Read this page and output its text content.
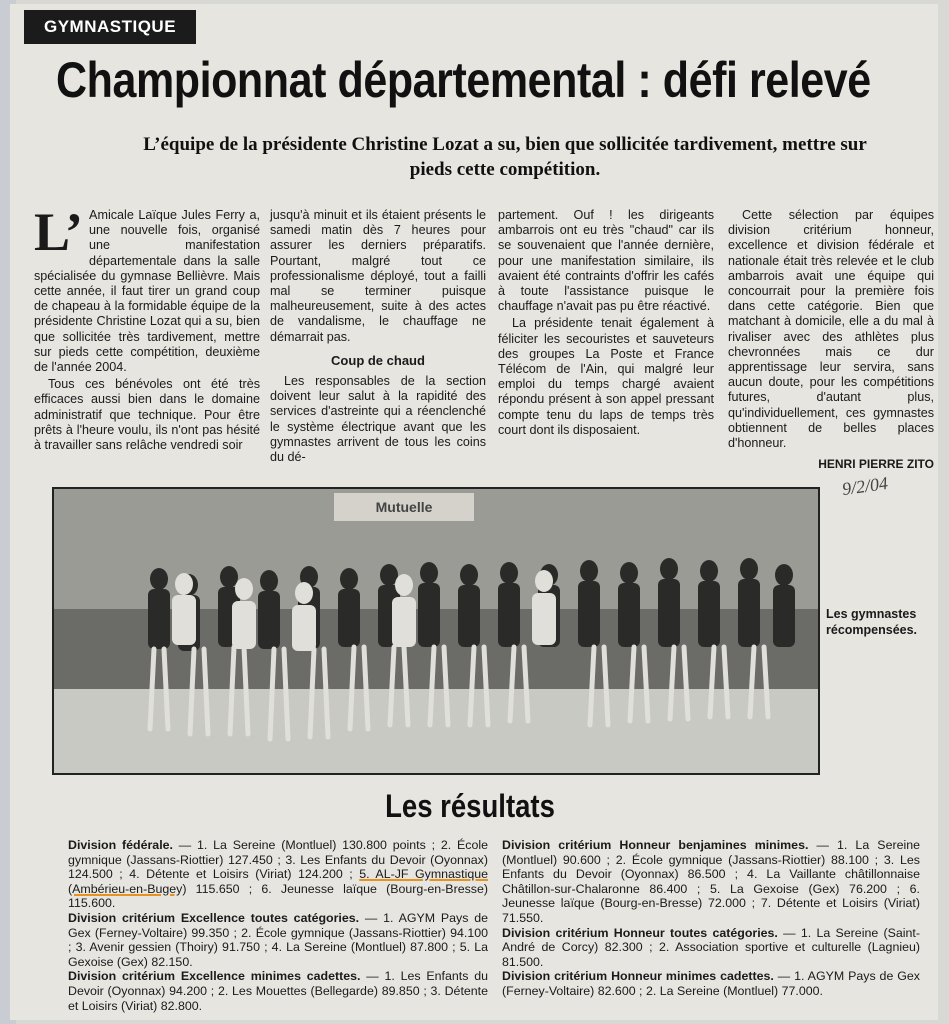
GYMNASTIQUE
Championnat départemental : défi relevé
L’équipe de la présidente Christine Lozat a su, bien que sollicitée tardivement, mettre sur pieds cette compétition.
L’ Amicale Laïque Jules Ferry a, une nouvelle fois, organisé une manifestation départementale dans la salle spécialisée du gymnase Bellièvre. Mais cette année, il faut tirer un grand coup de chapeau à la formidable équipe de la présidente Christine Lozat qui a su, bien que sollicitée très tardivement, mettre sur pieds cette compétition, deuxième de l'année 2004.

Tous ces bénévoles ont été très efficaces aussi bien dans le domaine administratif que technique. Pour être prêts à l'heure voulu, ils n'ont pas hésité à travailler sans relâche vendredi soir

jusqu'à minuit et ils étaient présents le samedi matin dès 7 heures pour assurer les derniers préparatifs. Pourtant, malgré tout ce professionalisme déployé, tout a failli mal se terminer puisque malheureusement, suite à des actes de vandalisme, le chauffage ne démarrait pas.

Coup de chaud

Les responsables de la section doivent leur salut à la rapidité des services d'astreinte qui a réenclenché le système électrique avant que les gymnastes arrivent de tous les coins du dé-

partement. Ouf ! les dirigeants ambarrois ont eu très "chaud" car ils se souvenaient que l'année dernière, pour une manifestation similaire, ils avaient été contraints d'offrir les cafés à toute l'assistance puisque le chauffage n'avait pas pu être réactivé.

La présidente tenait également à féliciter les secouristes et sauveteurs des groupes La Poste et France Télécom de l'Ain, qui malgré leur emploi du temps chargé avaient répondu présent à son appel pressant compte tenu du laps de temps très court dont ils disposaient.

Cette sélection par équipes division critérium honneur, excellence et division fédérale et nationale était très relevée et le club ambarrois avait une équipe qui concourrait pour la première fois dans cette catégorie. Bien que matchant à domicile, elle a du mal à rivaliser avec des athlètes plus chevronnées mais ce dur apprentissage leur servira, sans aucun doute, pour les compétitions futures, d'autant plus, qu'individuellement, ces gymnastes obtiennent de belles places d'honneur.

HENRI PIERRE ZITO
9/2/04
Mutuelle
Les gymnastes récompensées.
Les résultats

Division fédérale. — 1. La Sereine (Montluel) 130.800 points ; 2. École gymnique (Jassans-Riottier) 127.450 ; 3. Les Enfants du Devoir (Oyonnax) 124.500 ; 4. Détente et Loisirs (Viriat) 124.200 ; 5. AL-JF Gymnastique (Ambérieu-en-Bugey) 115.650 ; 6. Jeunesse laïque (Bourg-en-Bresse) 115.600.

Division critérium Excellence toutes catégories. — 1. AGYM Pays de Gex (Ferney-Voltaire) 99.350 ; 2. École gymnique (Jassans-Riottier) 94.100 ; 3. Avenir gessien (Thoiry) 91.750 ; 4. La Sereine (Montluel) 87.800 ; 5. La Gexoise (Gex) 82.150.

Division critérium Excellence minimes cadettes. — 1. Les Enfants du Devoir (Oyonnax) 94.200 ; 2. Les Mouettes (Bellegarde) 89.850 ; 3. Détente et Loisirs (Viriat) 82.800.

Division critérium Honneur benjamines minimes. — 1. La Sereine (Montluel) 90.600 ; 2. École gymnique (Jassans-Riottier) 88.100 ; 3. Les Enfants du Devoir (Oyonnax) 86.500 ; 4. La Vaillante châtillonnaise Châtillon-sur-Chalaronne 86.400 ; 5. La Gexoise (Gex) 76.200 ; 6. Jeunesse laïque (Bourg-en-Bresse) 72.000 ; 7. Détente et Loisirs (Viriat) 71.550.

Division critérium Honneur toutes catégories. — 1. La Sereine (Saint-André de Corcy) 82.300 ; 2. Association sportive et culturelle (Lagnieu) 81.500.

Division critérium Honneur minimes cadettes. — 1. AGYM Pays de Gex (Ferney-Voltaire) 82.600 ; 2. La Sereine (Montluel) 77.000.
